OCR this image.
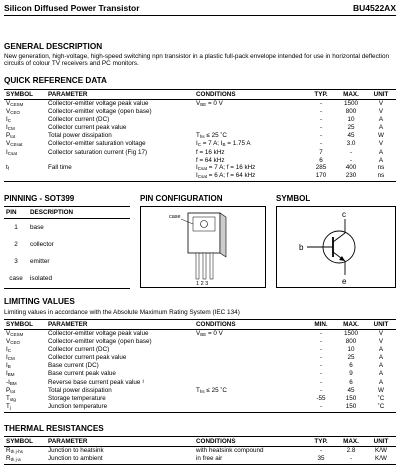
Silicon Diffused Power Transistor	BU4522AX
GENERAL DESCRIPTION
New generation, high-voltage, high-speed switching npn transistor in a plastic full-pack envelope intended for use in horizontal deflection circuits of colour TV receivers and PC monitors.
QUICK REFERENCE DATA
SYMBOL	PARAMETER	CONDITIONS	TYP.	MAX.	UNIT
$V_{CESM}$	Collector-emitter voltage peak value	$V_{BE} = 0$ V	-	1500	V
$V_{CEO}$	Collector-emitter voltage (open base)		-	800	V
$I_C$	Collector current (DC)		-	10	A
$I_{CM}$	Collector current peak value		-	25	A
$P_{tot}$	Total power dissipation	$T_{hs} \le 25$ ˚C	-	45	W
$V_{CEsat}$	Collector-emitter saturation voltage	$I_C = 7$ A; $I_B = 1.75$ A	-	3.0	V
$I_{Csat}$	Collector saturation current (Fig 17)	f = 16 kHz	7	-	A
		f = 64 kHz	6	-	A
$t_f$	Fall time	$I_{Csat} = 7$ A; f = 16 kHz	285	400	ns
		$I_{Csat} = 6$ A; f = 64 kHz	170	230	ns
PINNING - SOT399	PIN CONFIGURATION	SYMBOL
PIN	DESCRIPTION
1	base
2	collector
3	emitter
case	isolated
case
1 2 3
c
b
e
LIMITING VALUES
Limiting values in accordance with the Absolute Maximum Rating System (IEC 134)
SYMBOL	PARAMETER	CONDITIONS	MIN.	MAX.	UNIT
$V_{CESM}$	Collector-emitter voltage peak value	$V_{BE} = 0$ V	-	1500	V
$V_{CEO}$	Collector-emitter voltage (open base)		-	800	V
$I_C$	Collector current (DC)		-	10	A
$I_{CM}$	Collector current peak value		-	25	A
$I_B$	Base current (DC)		-	6	A
$I_{BM}$	Base current peak value		-	9	A
$-I_{BM}$	Reverse base current peak value ¹		-	6	A
$P_{tot}$	Total power dissipation	$T_{hs} \le 25$ ˚C	-	45	W
$T_{stg}$	Storage temperature		-55	150	˚C
$T_j$	Junction temperature		-	150	˚C
THERMAL RESISTANCES
SYMBOL	PARAMETER	CONDITIONS	TYP.	MAX.	UNIT
$R_{th j-hs}$	Junction to heatsink	with heatsink compound	-	2.8	K/W
$R_{th j-a}$	Junction to ambient	in free air	35	-	K/W
